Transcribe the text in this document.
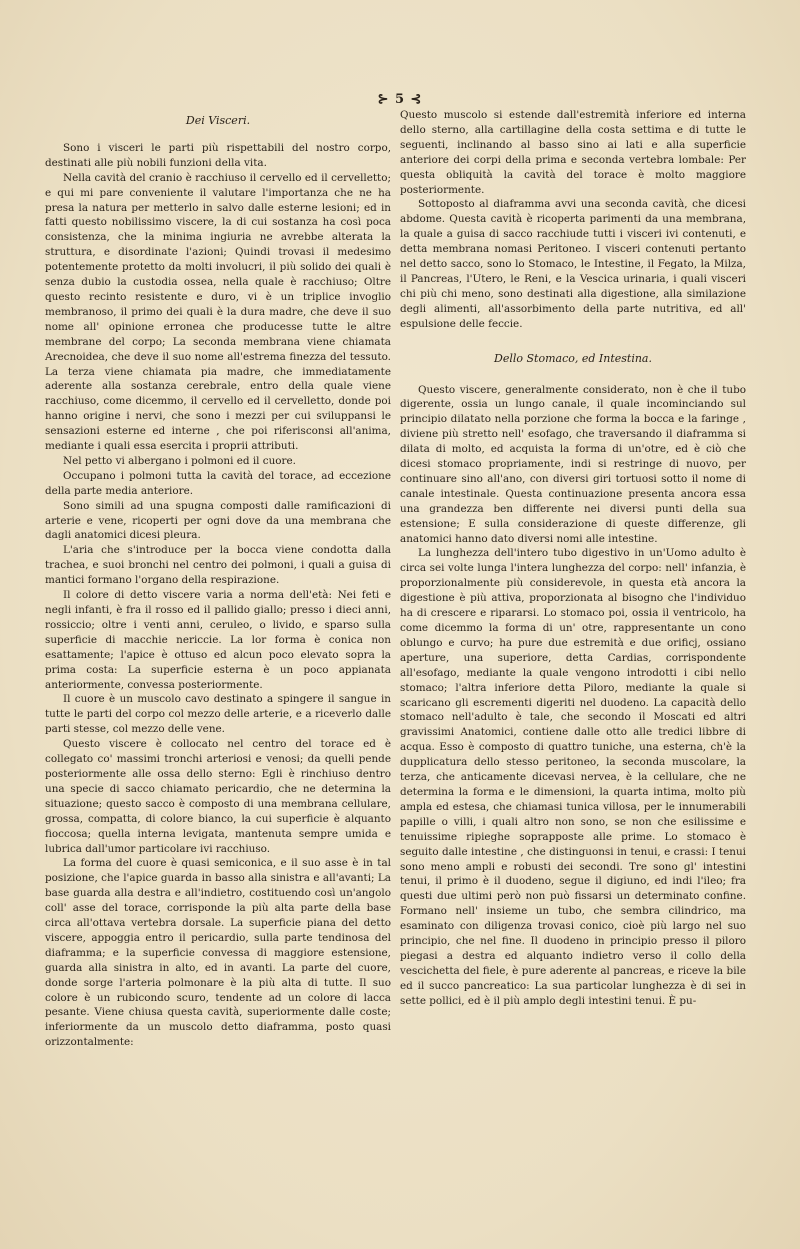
⊱ 5 ⊰
Dei Visceri.

Sono i visceri le parti più rispettabili del nostro corpo, destinati alle più nobili funzioni della vita.

Nella cavità del cranio è racchiuso il cervello ed il cervelletto; e qui mi pare conveniente il valutare l'importanza che ne ha presa la natura per metterlo in salvo dalle esterne lesioni; ed in fatti questo nobilissimo viscere, la di cui sostanza ha così poca consistenza, che la minima ingiuria ne avrebbe alterata la struttura, e disordinate l'azioni; Quindi trovasi il medesimo potentemente protetto da molti involucri, il più solido dei quali è senza dubio la custodia ossea, nella quale è racchiuso; Oltre questo recinto resistente e duro, vi è un triplice invoglio membranoso, il primo dei quali è la dura madre, che deve il suo nome all' opinione erronea che producesse tutte le altre membrane del corpo; La seconda membrana viene chiamata Arecnoidea, che deve il suo nome all'estrema finezza del tessuto. La terza viene chiamata pia madre, che immediatamente aderente alla sostanza cerebrale, entro della quale viene racchiuso, come dicemmo, il cervello ed il cervelletto, donde poi hanno origine i nervi, che sono i mezzi per cui sviluppansi le sensazioni esterne ed interne , che poi riferisconsi all'anima, mediante i quali essa esercita i proprii attributi.

Nel petto vi albergano i polmoni ed il cuore.

Occupano i polmoni tutta la cavità del torace, ad eccezione della parte media anteriore.

Sono simili ad una spugna composti dalle ramificazioni di arterie e vene, ricoperti per ogni dove da una membrana che dagli anatomici dicesi pleura.

L'aria che s'introduce per la bocca viene condotta dalla trachea, e suoi bronchi nel centro dei polmoni, i quali a guisa di mantici formano l'organo della respirazione.

Il colore di detto viscere varia a norma dell'età: Nei feti e negli infanti, è fra il rosso ed il pallido giallo; presso i dieci anni, rossiccio; oltre i venti anni, ceruleo, o livido, e sparso sulla superficie di macchie nericcie. La lor forma è conica non esattamente; l'apice è ottuso ed alcun poco elevato sopra la prima costa: La superficie esterna è un poco appianata anteriormente, convessa posteriormente.

Il cuore è un muscolo cavo destinato a spingere il sangue in tutte le parti del corpo col mezzo delle arterie, e a riceverlo dalle parti stesse, col mezzo delle vene.

Questo viscere è collocato nel centro del torace ed è collegato co' massimi tronchi arteriosi e venosi; da quelli pende posteriormente alle ossa dello sterno: Egli è rinchiuso dentro una specie di sacco chiamato pericardio, che ne determina la situazione; questo sacco è composto di una membrana cellulare, grossa, compatta, di colore bianco, la cui superficie è alquanto fioccosa; quella interna levigata, mantenuta sempre umida e lubrica dall'umor particolare ivi racchiuso.

La forma del cuore è quasi semiconica, e il suo asse è in tal posizione, che l'apice guarda in basso alla sinistra e all'avanti; La base guarda alla destra e all'indietro, costituendo così un'angolo coll' asse del torace, corrisponde la più alta parte della base circa all'ottava vertebra dorsale. La superficie piana del detto viscere, appoggia entro il pericardio, sulla parte tendinosa del diaframma; e la superficie convessa di maggiore estensione, guarda alla sinistra in alto, ed in avanti. La parte del cuore, donde sorge l'arteria polmonare è la più alta di tutte. Il suo colore è un rubicondo scuro, tendente ad un colore di lacca pesante. Viene chiusa questa cavità, superiormente dalle coste; inferiormente da un muscolo detto diaframma, posto quasi orizzontalmente:

Questo muscolo si estende dall'estremità inferiore ed interna dello sterno, alla cartillagine della costa settima e di tutte le seguenti, inclinando al basso sino ai lati e alla superficie anteriore dei corpi della prima e seconda vertebra lombale: Per questa obliquità la cavità del torace è molto maggiore posteriormente.

Sottoposto al diaframma avvi una seconda cavità, che dicesi abdome. Questa cavità è ricoperta parimenti da una membrana, la quale a guisa di sacco racchiude tutti i visceri ivi contenuti, e detta membrana nomasi Peritoneo. I visceri contenuti pertanto nel detto sacco, sono lo Stomaco, le Intestine, il Fegato, la Milza, il Pancreas, l'Utero, le Reni, e la Vescica urinaria, i quali visceri chi più chi meno, sono destinati alla digestione, alla similazione degli alimenti, all'assorbimento della parte nutritiva, ed all' espulsione delle feccie.

Dello Stomaco, ed Intestina.

Questo viscere, generalmente considerato, non è che il tubo digerente, ossia un lungo canale, il quale incominciando sul principio dilatato nella porzione che forma la bocca e la faringe , diviene più stretto nell' esofago, che traversando il diaframma si dilata di molto, ed acquista la forma di un'otre, ed è ciò che dicesi stomaco propriamente, indi si restringe di nuovo, per continuare sino all'ano, con diversi giri tortuosi sotto il nome di canale intestinale. Questa continuazione presenta ancora essa una grandezza ben differente nei diversi punti della sua estensione; E sulla considerazione di queste differenze, gli anatomici hanno dato diversi nomi alle intestine.

La lunghezza dell'intero tubo digestivo in un'Uomo adulto è circa sei volte lunga l'intera lunghezza del corpo: nell' infanzia, è proporzionalmente più considerevole, in questa età ancora la digestione è più attiva, proporzionata al bisogno che l'individuo ha di crescere e ripararsi. Lo stomaco poi, ossia il ventricolo, ha come dicemmo la forma di un' otre, rappresentante un cono oblungo e curvo; ha pure due estremità e due orificj, ossiano aperture, una superiore, detta Cardias, corrispondente all'esofago, mediante la quale vengono introdotti i cibi nello stomaco; l'altra inferiore detta Piloro, mediante la quale si scaricano gli escrementi digeriti nel duodeno. La capacità dello stomaco nell'adulto è tale, che secondo il Moscati ed altri gravissimi Anatomici, contiene dalle otto alle tredici libbre di acqua. Esso è composto di quattro tuniche, una esterna, ch'è la dupplicatura dello stesso peritoneo, la seconda muscolare, la terza, che anticamente dicevasi nervea, è la cellulare, che ne determina la forma e le dimensioni, la quarta intima, molto più ampla ed estesa, che chiamasi tunica villosa, per le innumerabili papille o villi, i quali altro non sono, se non che esilissime e tenuissime ripieghe soprapposte alle prime. Lo stomaco è seguito dalle intestine , che distinguonsi in tenui, e crassi: I tenui sono meno ampli e robusti dei secondi. Tre sono gl' intestini tenui, il primo è il duodeno, segue il digiuno, ed indi l'ileo; fra questi due ultimi però non può fissarsi un determinato confine. Formano nell' insieme un tubo, che sembra cilindrico, ma esaminato con diligenza trovasi conico, cioè più largo nel suo principio, che nel fine. Il duodeno in principio presso il piloro piegasi a destra ed alquanto indietro verso il collo della vescichetta del fiele, è pure aderente al pancreas, e riceve la bile ed il succo pancreatico: La sua particolar lunghezza è di sei in sette pollici, ed è il più amplo degli intestini tenui. È pu-
